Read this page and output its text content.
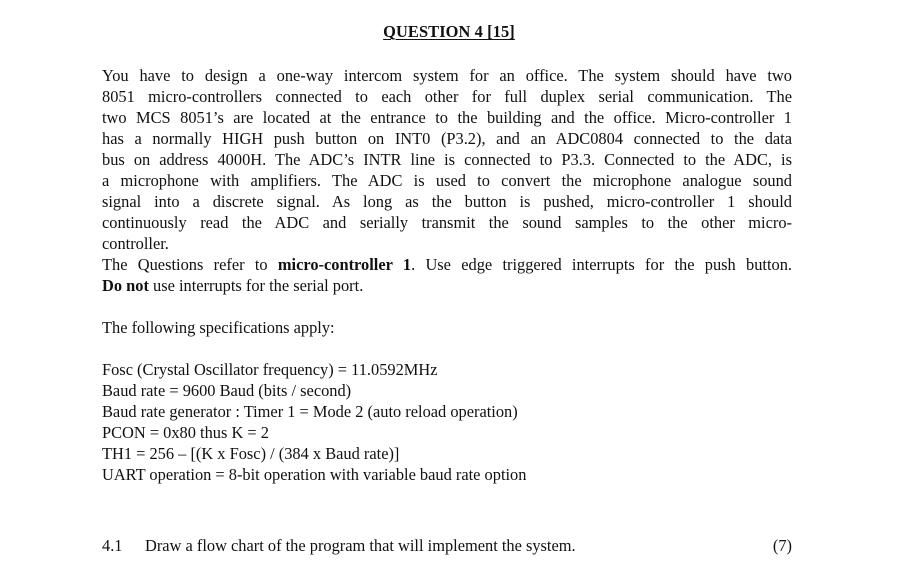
QUESTION 4 [15]
You have to design a one-way intercom system for an office. The system should have two
8051 micro-controllers connected to each other for full duplex serial communication. The
two MCS 8051’s are located at the entrance to the building and the office. Micro-controller 1
has a normally HIGH push button on INT0 (P3.2), and an ADC0804 connected to the data
bus on address 4000H. The ADC’s INTR line is connected to P3.3. Connected to the ADC, is
a microphone with amplifiers. The ADC is used to convert the microphone analogue sound
signal into a discrete signal. As long as the button is pushed, micro-controller 1 should
continuously read the ADC and serially transmit the sound samples to the other micro-
controller.
The Questions refer to micro-controller 1. Use edge triggered interrupts for the push button.
Do not use interrupts for the serial port.
The following specifications apply:
Fosc (Crystal Oscillator frequency) = 11.0592MHz
Baud rate = 9600 Baud (bits / second)
Baud rate generator : Timer 1 = Mode 2 (auto reload operation)
PCON = 0x80 thus K = 2
TH1 = 256 – [(K x Fosc) / (384 x Baud rate)]
UART operation = 8-bit operation with variable baud rate option
4.1 Draw a flow chart of the program that will implement the system.	(7)
